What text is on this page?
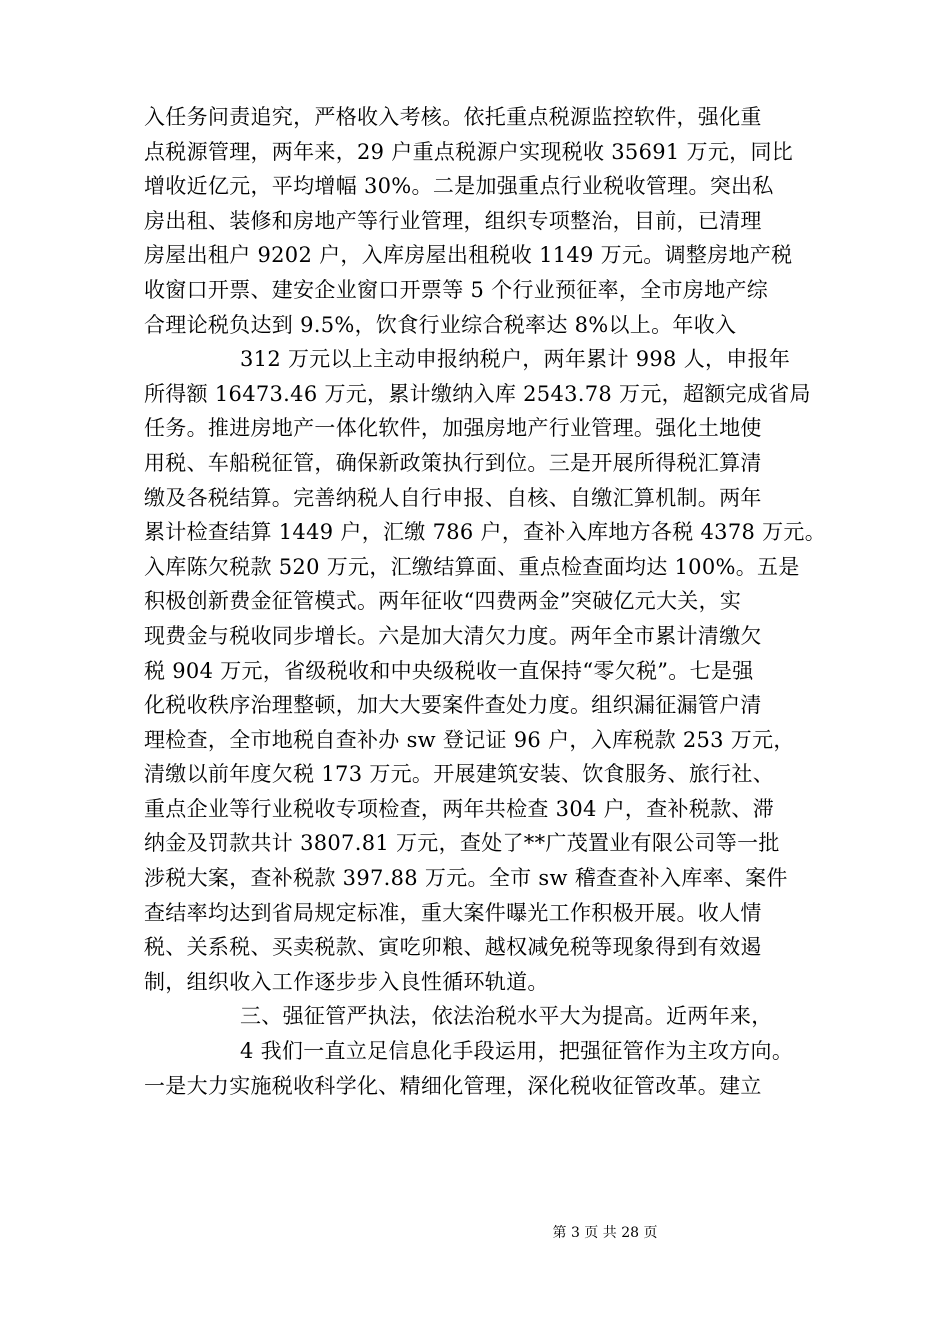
入任务问责追究，严格收入考核。依托重点税源监控软件，强化重
点税源管理，两年来，29 户重点税源户实现税收 35691 万元，同比
增收近亿元，平均增幅 30%。二是加强重点行业税收管理。突出私
房出租、装修和房地产等行业管理，组织专项整治，目前，已清理
房屋出租户 9202 户，入库房屋出租税收 1149 万元。调整房地产税
收窗口开票、建安企业窗口开票等 5 个行业预征率，全市房地产综
合理论税负达到 9.5%，饮食行业综合税率达 8%以上。年收入
312 万元以上主动申报纳税户，两年累计 998 人，申报年
所得额 16473.46 万元，累计缴纳入库 2543.78 万元，超额完成省局
任务。推进房地产一体化软件，加强房地产行业管理。强化土地使
用税、车船税征管，确保新政策执行到位。三是开展所得税汇算清
缴及各税结算。完善纳税人自行申报、自核、自缴汇算机制。两年
累计检查结算 1449 户，汇缴 786 户，查补入库地方各税 4378 万元。
入库陈欠税款 520 万元，汇缴结算面、重点检查面均达 100%。五是
积极创新费金征管模式。两年征收“四费两金”突破亿元大关，实
现费金与税收同步增长。六是加大清欠力度。两年全市累计清缴欠
税 904 万元，省级税收和中央级税收一直保持“零欠税”。七是强
化税收秩序治理整顿，加大大要案件查处力度。组织漏征漏管户清
理检查，全市地税自查补办 sw 登记证 96 户，入库税款 253 万元，
清缴以前年度欠税 173 万元。开展建筑安装、饮食服务、旅行社、
重点企业等行业税收专项检查，两年共检查 304 户，查补税款、滞
纳金及罚款共计 3807.81 万元，查处了**广茂置业有限公司等一批
涉税大案，查补税款 397.88 万元。全市 sw 稽查查补入库率、案件
查结率均达到省局规定标准，重大案件曝光工作积极开展。收人情
税、关系税、买卖税款、寅吃卯粮、越权减免税等现象得到有效遏
制，组织收入工作逐步步入良性循环轨道。
三、强征管严执法，依法治税水平大为提高。近两年来，
4 我们一直立足信息化手段运用，把强征管作为主攻方向。
一是大力实施税收科学化、精细化管理，深化税收征管改革。建立
第 3 页 共 28 页
